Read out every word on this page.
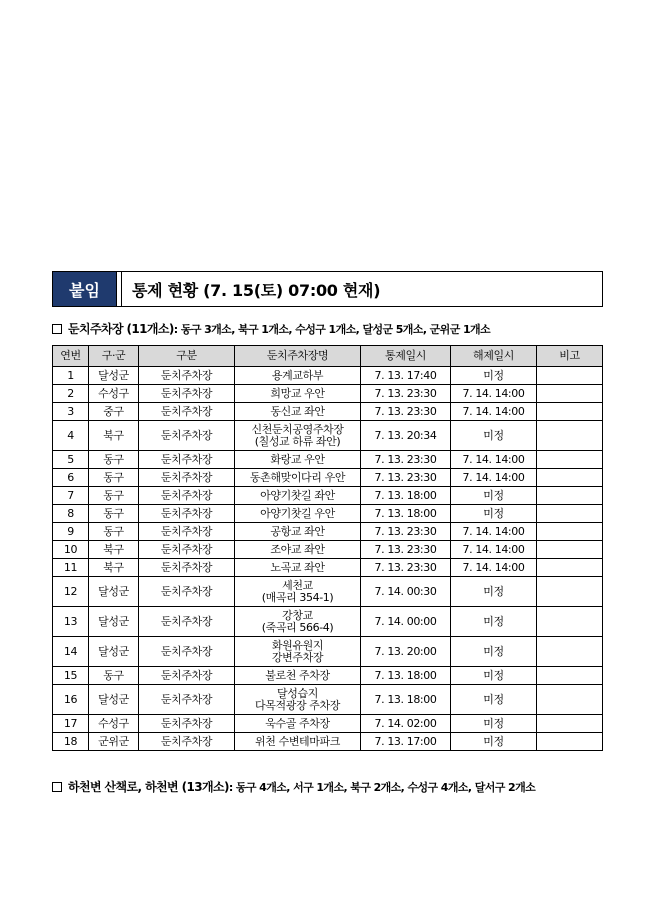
붙임	통제 현황 (7. 15(토) 07:00 현재)
둔치주차장 (11개소) : 동구 3개소, 북구 1개소, 수성구 1개소, 달성군 5개소, 군위군 1개소
연번	구·군	구분	둔치주차장명	통제일시	해제일시	비고
1	달성군	둔치주차장	용계교하부	7. 13. 17:40	미정	
2	수성구	둔치주차장	희망교 우안	7. 13. 23:30	7. 14. 14:00	
3	중구	둔치주차장	동신교 좌안	7. 13. 23:30	7. 14. 14:00	
4	북구	둔치주차장	신천둔치공영주차장
(칠성교 하류 좌안)	7. 13. 20:34	미정	
5	동구	둔치주차장	화랑교 우안	7. 13. 23:30	7. 14. 14:00	
6	동구	둔치주차장	동촌해맞이다리 우안	7. 13. 23:30	7. 14. 14:00	
7	동구	둔치주차장	아양기찻길 좌안	7. 13. 18:00	미정	
8	동구	둔치주차장	아양기찻길 우안	7. 13. 18:00	미정	
9	동구	둔치주차장	공항교 좌안	7. 13. 23:30	7. 14. 14:00	
10	북구	둔치주차장	조야교 좌안	7. 13. 23:30	7. 14. 14:00	
11	북구	둔치주차장	노곡교 좌안	7. 13. 23:30	7. 14. 14:00	
12	달성군	둔치주차장	세천교
(매곡리 354-1)	7. 14. 00:30	미정	
13	달성군	둔치주차장	강창교
(죽곡리 566-4)	7. 14. 00:00	미정	
14	달성군	둔치주차장	화원유원지
강변주차장	7. 13. 20:00	미정	
15	동구	둔치주차장	불로천 주차장	7. 13. 18:00	미정	
16	달성군	둔치주차장	달성습지
다목적광장 주차장	7. 13. 18:00	미정	
17	수성구	둔치주차장	욱수골 주차장	7. 14. 02:00	미정	
18	군위군	둔치주차장	위천 수변테마파크	7. 13. 17:00	미정	
하천변 산책로, 하천변 (13개소) : 동구 4개소, 서구 1개소, 북구 2개소, 수성구 4개소, 달서구 2개소
